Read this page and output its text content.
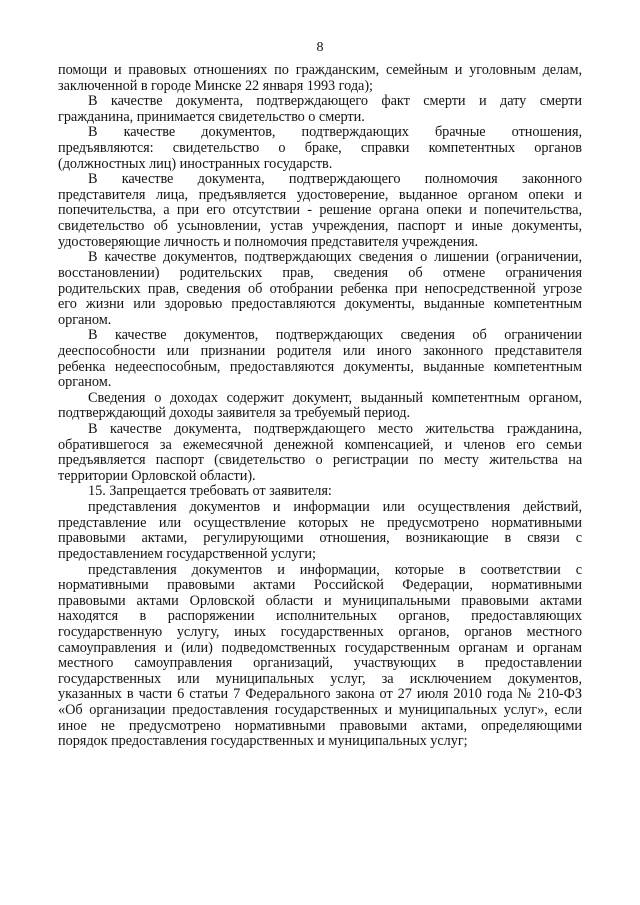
8
помощи и правовых отношениях по гражданским, семейным и уголовным делам,
заключенной в городе Минске 22 января 1993 года);
В качестве документа, подтверждающего факт смерти и дату смерти
гражданина, принимается свидетельство о смерти.
В качестве документов, подтверждающих брачные отношения,
предъявляются: свидетельство о браке, справки компетентных органов
(должностных лиц) иностранных государств.
В качестве документа, подтверждающего полномочия законного
представителя лица, предъявляется удостоверение, выданное органом опеки и
попечительства, а при его отсутствии - решение органа опеки и попечительства,
свидетельство об усыновлении, устав учреждения, паспорт и иные документы,
удостоверяющие личность и полномочия представителя учреждения.
В качестве документов, подтверждающих сведения о лишении (ограничении,
восстановлении) родительских прав, сведения об отмене ограничения
родительских прав, сведения об отобрании ребенка при непосредственной угрозе
его жизни или здоровью предоставляются документы, выданные компетентным
органом.
В качестве документов, подтверждающих сведения об ограничении
дееспособности или признании родителя или иного законного представителя
ребенка недееспособным, предоставляются документы, выданные компетентным
органом.
Сведения о доходах содержит документ, выданный компетентным органом,
подтверждающий доходы заявителя за требуемый период.
В качестве документа, подтверждающего место жительства гражданина,
обратившегося за ежемесячной денежной компенсацией, и членов его семьи
предъявляется паспорт (свидетельство о регистрации по месту жительства на
территории Орловской области).
15. Запрещается требовать от заявителя:
представления документов и информации или осуществления действий,
представление или осуществление которых не предусмотрено нормативными
правовыми актами, регулирующими отношения, возникающие в связи с
предоставлением государственной услуги;
представления документов и информации, которые в соответствии с
нормативными правовыми актами Российской Федерации, нормативными
правовыми актами Орловской области и муниципальными правовыми актами
находятся в распоряжении исполнительных органов, предоставляющих
государственную услугу, иных государственных органов, органов местного
самоуправления и (или) подведомственных государственным органам и органам
местного самоуправления организаций, участвующих в предоставлении
государственных или муниципальных услуг, за исключением документов,
указанных в части 6 статьи 7 Федерального закона от 27 июля 2010 года № 210-ФЗ
«Об организации предоставления государственных и муниципальных услуг», если
иное не предусмотрено нормативными правовыми актами, определяющими
порядок предоставления государственных и муниципальных услуг;
